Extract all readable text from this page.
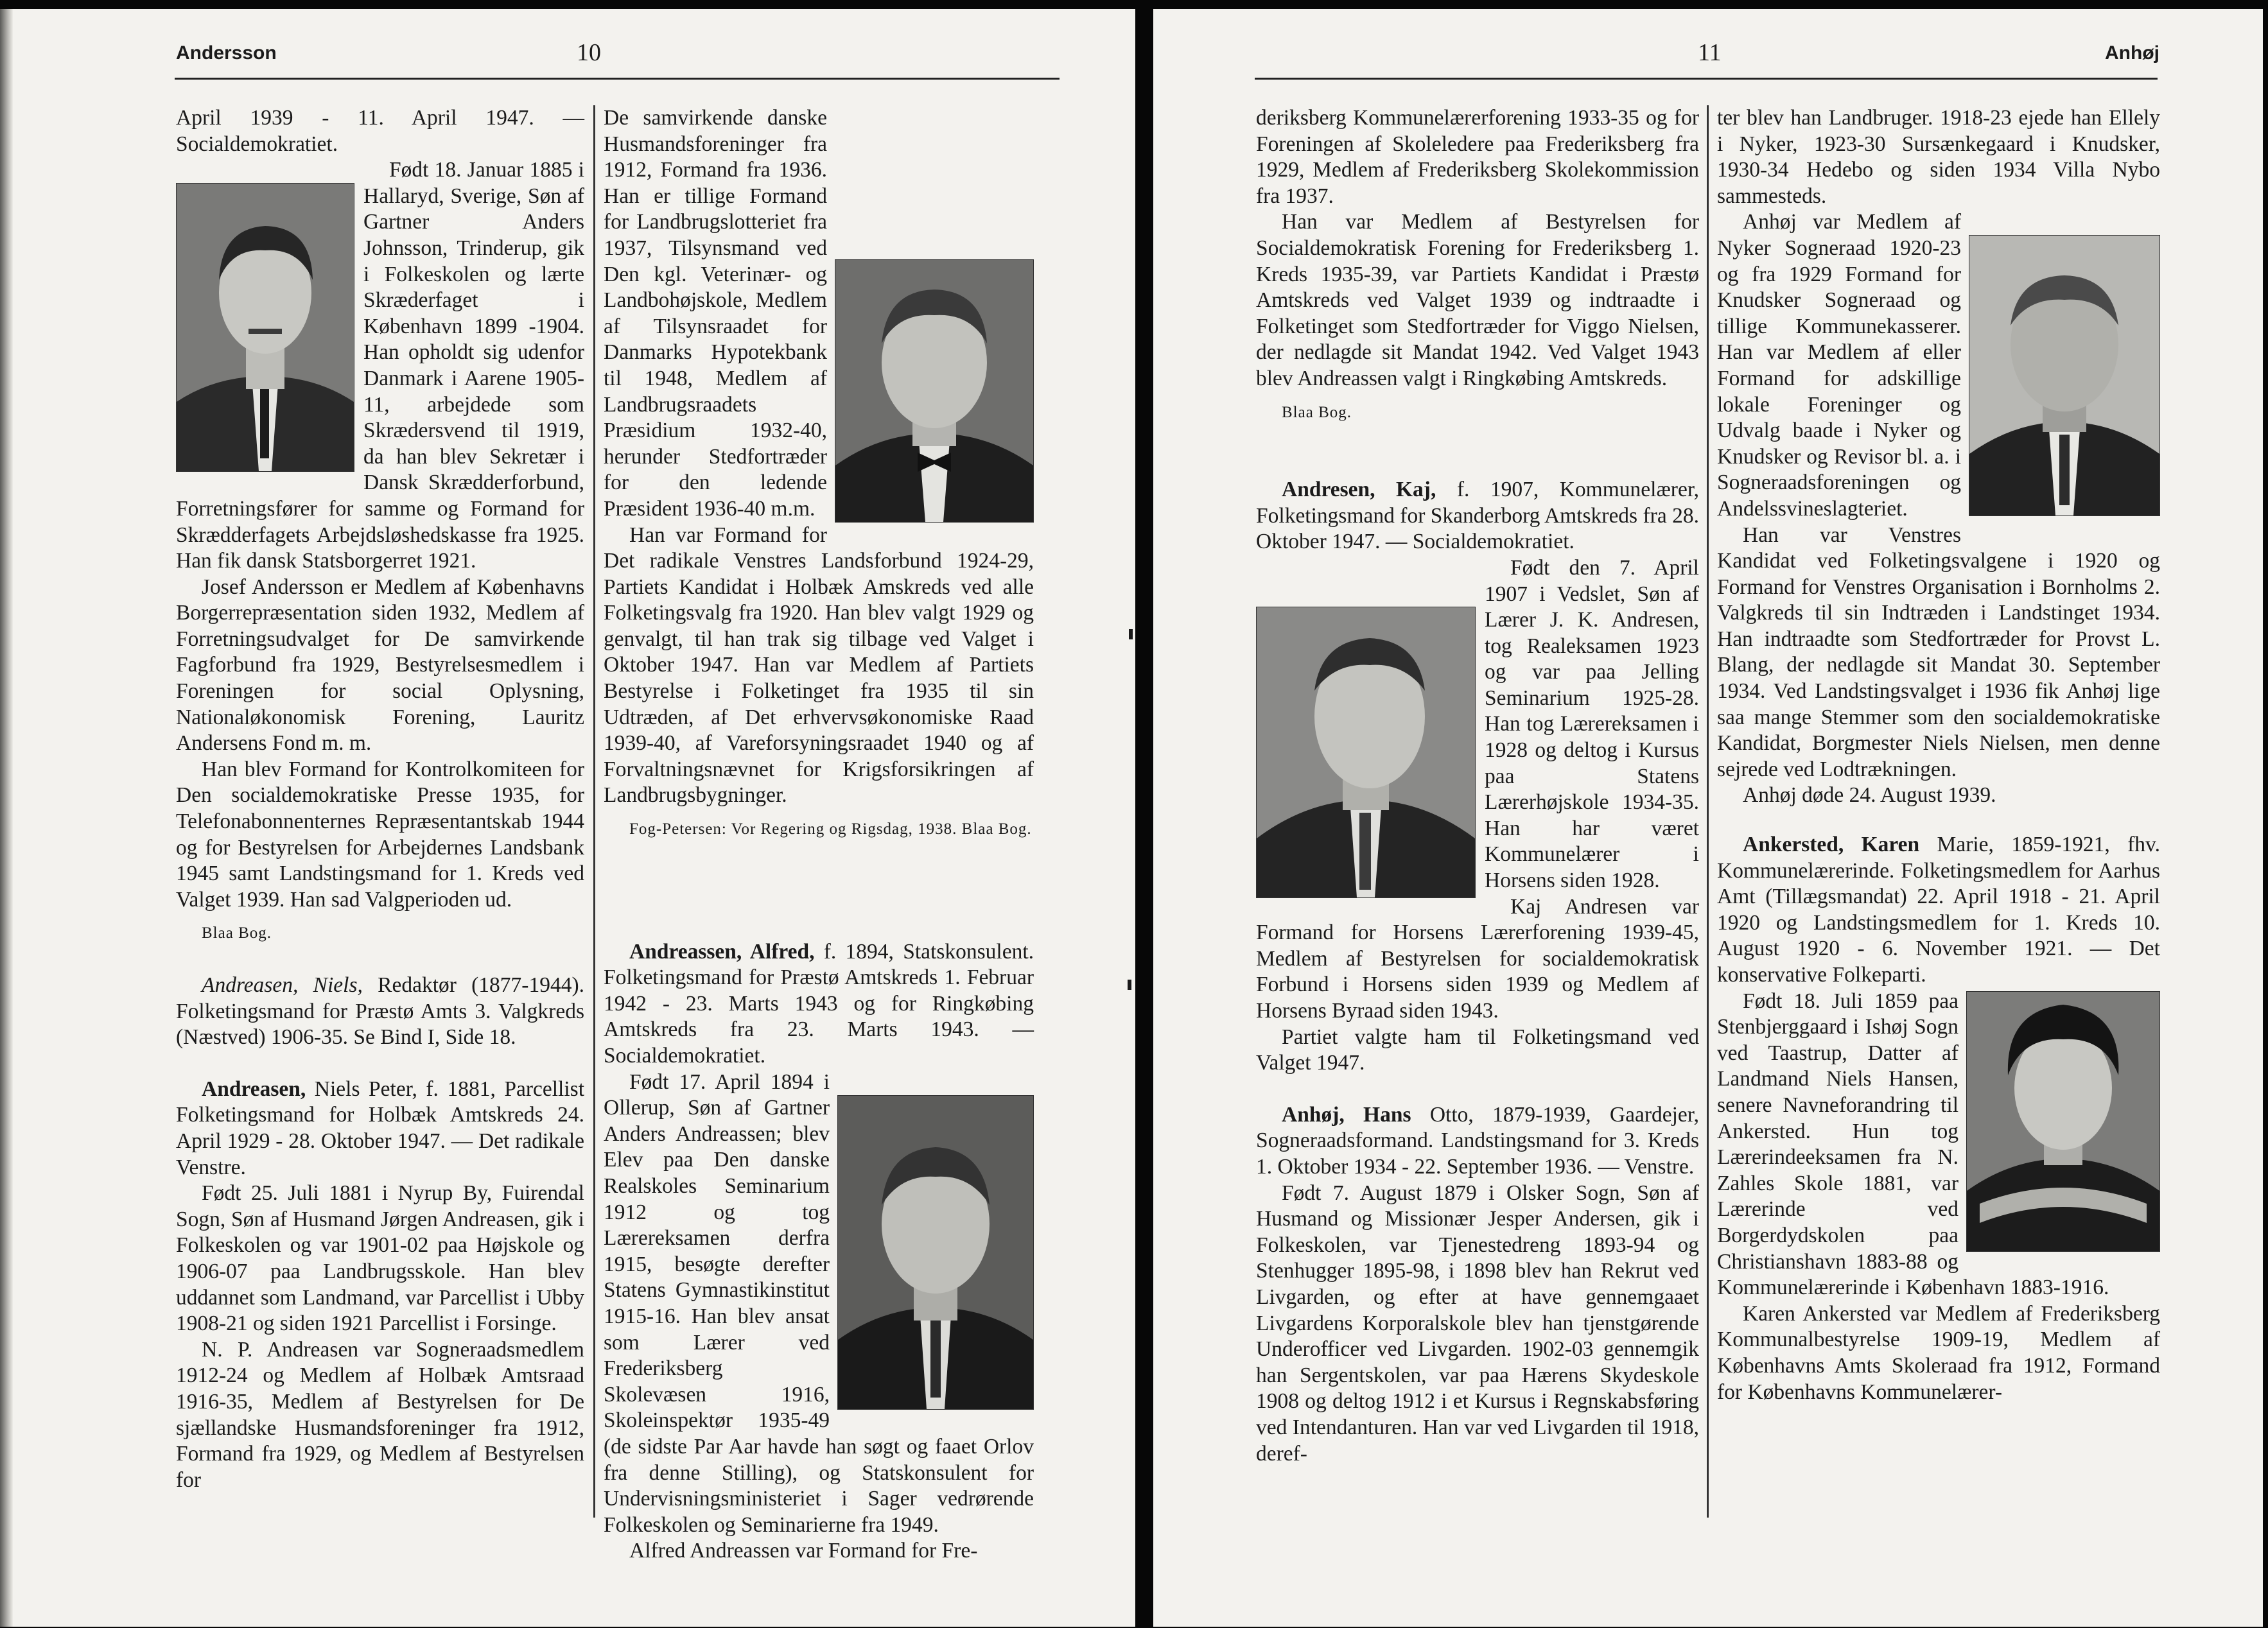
Andersson	10

April 1939 - 11. April 1947. — Socialdemokratiet.

Født 18. Januar 1885 i Hallaryd, Sverige, Søn af Gartner Anders Johnsson, Trinderup, gik i Folkeskolen og lærte Skræderfaget i København 1899 -1904. Han opholdt sig udenfor Danmark i Aarene 1905-11, arbejdede som Skrædersvend til 1919, da han blev Sekretær i Dansk Skrædderforbund, Forretningsfører for samme og Formand for Skrædderfagets Arbejdsløshedskasse fra 1925. Han fik dansk Statsborgerret 1921.

Josef Andersson er Medlem af Københavns Borgerrepræsentation siden 1932, Medlem af Forretningsudvalget for De samvirkende Fagforbund fra 1929, Bestyrelsesmedlem i Foreningen for social Oplysning, Nationaløkonomisk Forening, Lauritz Andersens Fond m. m.

Han blev Formand for Kontrolkomiteen for Den socialdemokratiske Presse 1935, for Telefonabonnenternes Repræsentantskab 1944 og for Bestyrelsen for Arbejdernes Landsbank 1945 samt Landstingsmand for 1. Kreds ved Valget 1939. Han sad Valgperioden ud.

Blaa Bog.

Andreasen, Niels, Redaktør (1877-1944). Folketingsmand for Præstø Amts 3. Valgkreds (Næstved) 1906-35. Se Bind I, Side 18.

Andreasen, Niels Peter, f. 1881, Parcellist Folketingsmand for Holbæk Amtskreds 24. April 1929 - 28. Oktober 1947. — Det radikale Venstre.

Født 25. Juli 1881 i Nyrup By, Fuirendal Sogn, Søn af Husmand Jørgen Andreasen, gik i Folkeskolen og var 1901-02 paa Højskole og 1906-07 paa Landbrugsskole. Han blev uddannet som Landmand, var Parcellist i Ubby 1908-21 og siden 1921 Parcellist i Forsinge.

N. P. Andreasen var Sogneraadsmedlem 1912-24 og Medlem af Holbæk Amtsraad 1916-35, Medlem af Bestyrelsen for De sjællandske Husmandsforeninger fra 1912, Formand fra 1929, og Medlem af Bestyrelsen for

De samvirkende danske Husmandsforeninger fra 1912, Formand fra 1936. Han er tillige Formand for Landbrugslotteriet fra 1937, Tilsynsmand ved Den kgl. Veterinær- og Landbohøjskole, Medlem af Tilsynsraadet for Danmarks Hypotekbank til 1948, Medlem af Landbrugsraadets Præsidium 1932-40, herunder Stedfortræder for den ledende Præsident 1936-40 m.m.

Han var Formand for Det radikale Venstres Landsforbund 1924-29, Partiets Kandidat i Holbæk Amskreds ved alle Folketingsvalg fra 1920. Han blev valgt 1929 og genvalgt, til han trak sig tilbage ved Valget i Oktober 1947. Han var Medlem af Partiets Bestyrelse i Folketinget fra 1935 til sin Udtræden, af Det erhvervsøkonomiske Raad 1939-40, af Vareforsyningsraadet 1940 og af Forvaltningsnævnet for Krigsforsikringen af Landbrugsbygninger.

Fog-Petersen: Vor Regering og Rigsdag, 1938. Blaa Bog.

Andreassen, Alfred, f. 1894, Statskonsulent. Folketingsmand for Præstø Amtskreds 1. Februar 1942 - 23. Marts 1943 og for Ringkøbing Amtskreds fra 23. Marts 1943. — Socialdemokratiet.

Født 17. April 1894 i Ollerup, Søn af Gartner Anders Andreassen; blev Elev paa Den danske Realskoles Seminarium 1912 og tog Lærereksamen derfra 1915, besøgte derefter Statens Gymnastikinstitut 1915-16. Han blev ansat som Lærer ved Frederiksberg Skolevæsen 1916, Skoleinspektør 1935-49 (de sidste Par Aar havde han søgt og faaet Orlov fra denne Stilling), og Statskonsulent for Undervisningsministeriet i Sager vedrørende Folkeskolen og Seminarierne fra 1949.

Alfred Andreassen var Formand for Fre-

11	Anhøj

deriksberg Kommunelærerforening 1933-35 og for Foreningen af Skoleledere paa Frederiksberg fra 1929, Medlem af Frederiksberg Skolekommission fra 1937.

Han var Medlem af Bestyrelsen for Socialdemokratisk Forening for Frederiksberg 1. Kreds 1935-39, var Partiets Kandidat i Præstø Amtskreds ved Valget 1939 og indtraadte i Folketinget som Stedfortræder for Viggo Nielsen, der nedlagde sit Mandat 1942. Ved Valget 1943 blev Andreassen valgt i Ringkøbing Amtskreds.

Blaa Bog.

Andresen, Kaj, f. 1907, Kommunelærer, Folketingsmand for Skanderborg Amtskreds fra 28. Oktober 1947. — Socialdemokratiet.

Født den 7. April 1907 i Vedslet, Søn af Lærer J. K. Andresen, tog Realeksamen 1923 og var paa Jelling Seminarium 1925-28. Han tog Lærereksamen i 1928 og deltog i Kursus paa Statens Lærerhøjskole 1934-35. Han har været Kommunelærer i Horsens siden 1928.

Kaj Andresen var Formand for Horsens Lærerforening 1939-45, Medlem af Bestyrelsen for socialdemokratisk Forbund i Horsens siden 1939 og Medlem af Horsens Byraad siden 1943.

Partiet valgte ham til Folketingsmand ved Valget 1947.

Anhøj, Hans Otto, 1879-1939, Gaardejer, Sogneraadsformand. Landstingsmand for 3. Kreds 1. Oktober 1934 - 22. September 1936. — Venstre.

Født 7. August 1879 i Olsker Sogn, Søn af Husmand og Missionær Jesper Andersen, gik i Folkeskolen, var Tjenestedreng 1893-94 og Stenhugger 1895-98, i 1898 blev han Rekrut ved Livgarden, og efter at have gennemgaaet Livgardens Korporalskole blev han tjenstgørende Underofficer ved Livgarden. 1902-03 gennemgik han Sergentskolen, var paa Hærens Skydeskole 1908 og deltog 1912 i et Kursus i Regnskabsføring ved Intendanturen. Han var ved Livgarden til 1918, deref-

ter blev han Landbruger. 1918-23 ejede han Ellely i Nyker, 1923-30 Sursænkegaard i Knudsker, 1930-34 Hedebo og siden 1934 Villa Nybo sammesteds.

Anhøj var Medlem af Nyker Sogneraad 1920-23 og fra 1929 Formand for Knudsker Sogneraad og tillige Kommunekasserer. Han var Medlem af eller Formand for adskillige lokale Foreninger og Udvalg baade i Nyker og Knudsker og Revisor bl. a. i Sogneraadsforeningen og Andelssvineslagteriet.

Han var Venstres Kandidat ved Folketingsvalgene i 1920 og Formand for Venstres Organisation i Bornholms 2. Valgkreds til sin Indtræden i Landstinget 1934. Han indtraadte som Stedfortræder for Provst L. Blang, der nedlagde sit Mandat 30. September 1934. Ved Landstingsvalget i 1936 fik Anhøj lige saa mange Stemmer som den socialdemokratiske Kandidat, Borgmester Niels Nielsen, men denne sejrede ved Lodtrækningen.

Anhøj døde 24. August 1939.

Ankersted, Karen Marie, 1859-1921, fhv. Kommunelærerinde. Folketingsmedlem for Aarhus Amt (Tillægsmandat) 22. April 1918 - 21. April 1920 og Landstingsmedlem for 1. Kreds 10. August 1920 - 6. November 1921. — Det konservative Folkeparti.

Født 18. Juli 1859 paa Stenbjerggaard i Ishøj Sogn ved Taastrup, Datter af Landmand Niels Hansen, senere Navneforandring til Ankersted. Hun tog Lærerindeeksamen fra N. Zahles Skole 1881, var Lærerinde ved Borgerdydskolen paa Christianshavn 1883-88 og Kommunelærerinde i København 1883-1916.

Karen Ankersted var Medlem af Frederiksberg Kommunalbestyrelse 1909-19, Medlem af Københavns Amts Skoleraad fra 1912, Formand for Københavns Kommunelærer-
